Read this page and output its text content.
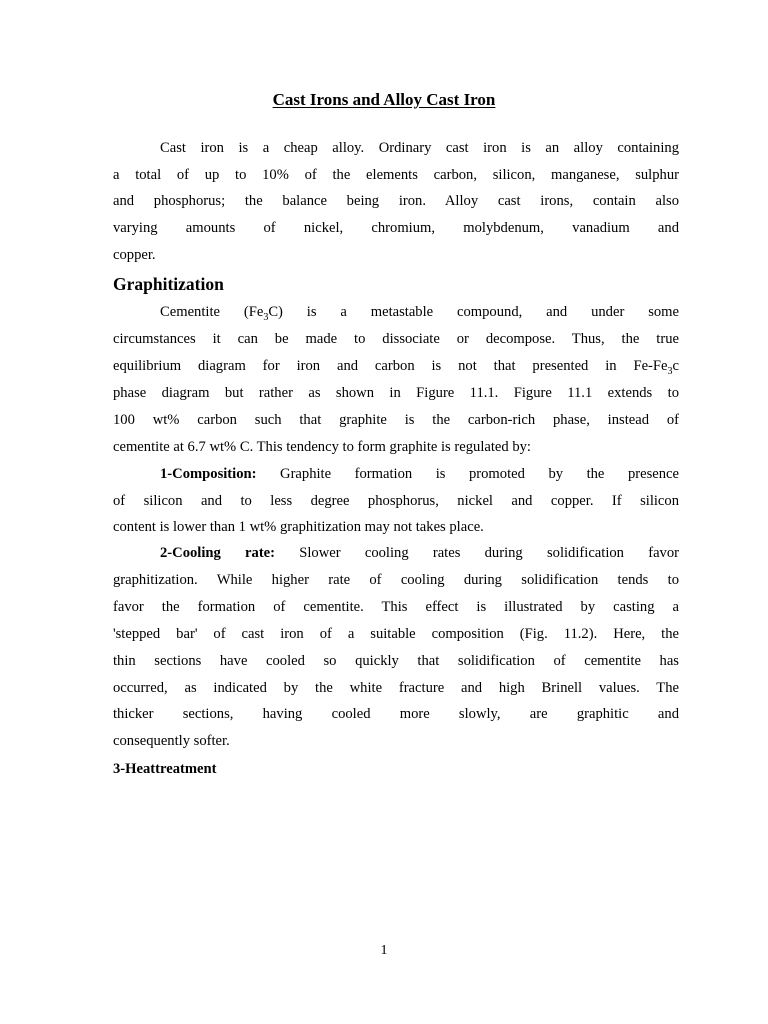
Cast Irons and Alloy Cast Iron
Cast iron is a cheap alloy. Ordinary cast iron is an alloy containing
a total of up to 10% of the elements carbon, silicon, manganese, sulphur
and phosphorus; the balance being iron. Alloy cast irons, contain also
varying amounts of nickel, chromium, molybdenum, vanadium and
copper.
Graphitization
Cementite $(Fe_3C)$ is a metastable compound, and under some
circumstances it can be made to dissociate or decompose. Thus, the true
equilibrium diagram for iron and carbon is not that presented in $Fe-Fe_3c$
phase diagram but rather as shown in Figure 11.1. Figure 11.1 extends to
100 wt% carbon such that graphite is the carbon-rich phase, instead of
cementite at 6.7 wt% C. This tendency to form graphite is regulated by:
1-Composition: Graphite formation is promoted by the presence
of silicon and to less degree phosphorus, nickel and copper. If silicon
content is lower than 1 wt% graphitization may not takes place.
2-Cooling rate: Slower cooling rates during solidification favor
graphitization. While higher rate of cooling during solidification tends to
favor the formation of cementite. This effect is illustrated by casting a
'stepped bar' of cast iron of a suitable composition (Fig. 11.2). Here, the
thin sections have cooled so quickly that solidification of cementite has
occurred, as indicated by the white fracture and high Brinell values. The
thicker sections, having cooled more slowly, are graphitic and
consequently softer.
3-Heattreatment
1
